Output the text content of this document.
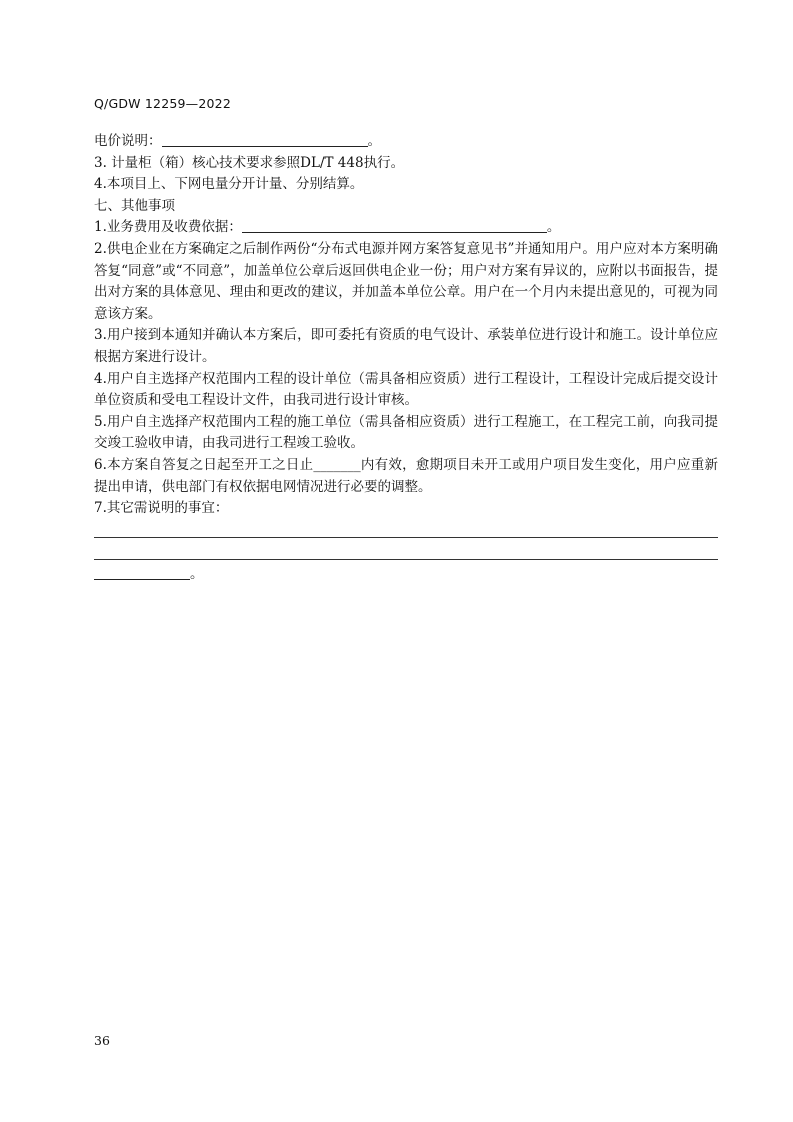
Q/GDW 12259—2022

电价说明：	。

3. 计量柜（箱）核心技术要求参照DL/T 448执行。

4.本项目上、下网电量分开计量、分别结算。

七、其他事项

1.业务费用及收费依据：	。

2.供电企业在方案确定之后制作两份“分布式电源并网方案答复意见书”并通知用户。用户应对本方案明确答复“同意”或“不同意”，加盖单位公章后返回供电企业一份；用户对方案有异议的，应附以书面报告，提出对方案的具体意见、理由和更改的建议，并加盖本单位公章。用户在一个月内未提出意见的，可视为同意该方案。

3.用户接到本通知并确认本方案后，即可委托有资质的电气设计、承装单位进行设计和施工。设计单位应根据方案进行设计。

4.用户自主选择产权范围内工程的设计单位（需具备相应资质）进行工程设计，工程设计完成后提交设计单位资质和受电工程设计文件，由我司进行设计审核。

5.用户自主选择产权范围内工程的施工单位（需具备相应资质）进行工程施工，在工程完工前，向我司提交竣工验收申请，由我司进行工程竣工验收。

6.本方案自答复之日起至开工之日止_______内有效，愈期项目未开工或用户项目发生变化，用户应重新提出申请，供电部门有权依据电网情况进行必要的调整。

7.其它需说明的事宜：

。
36
